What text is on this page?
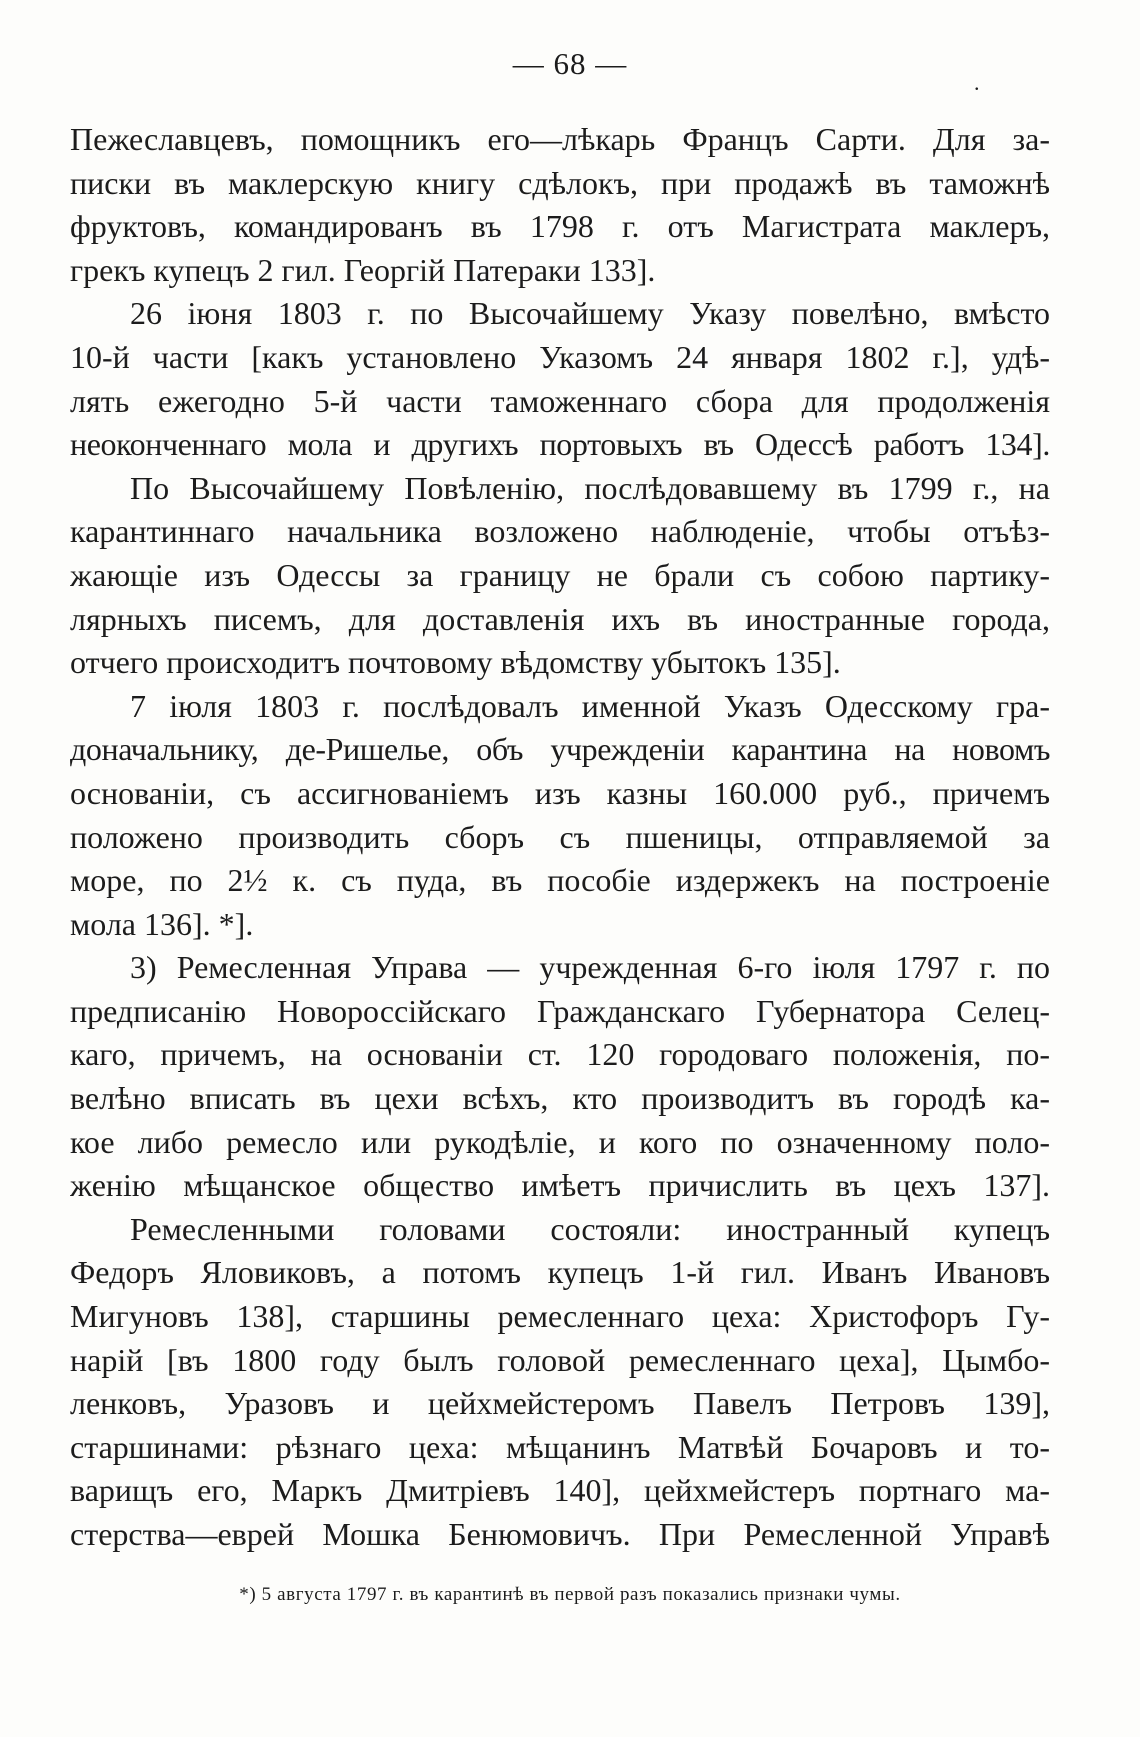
— 68 —
.
Пежеславцевъ, помощникъ его—лѣкарь Францъ Сарти. Для за-
писки въ маклерскую книгу сдѣлокъ, при продажѣ въ таможнѣ
фруктовъ, командированъ въ 1798 г. отъ Магистрата маклеръ,
грекъ купецъ 2 гил. Георгій Патераки 133].
26 іюня 1803 г. по Высочайшему Указу повелѣно, вмѣсто
10-й части [какъ установлено Указомъ 24 января 1802 г.], удѣ-
лять ежегодно 5-й части таможеннаго сбора для продолженія
неоконченнаго мола и другихъ портовыхъ въ Одессѣ работъ 134].
По Высочайшему Повѣленію, послѣдовавшему въ 1799 г., на
карантиннаго начальника возложено наблюденіе, чтобы отъѣз-
жающіе изъ Одессы за границу не брали съ собою партику-
лярныхъ писемъ, для доставленія ихъ въ иностранные города,
отчего происходитъ почтовому вѣдомству убытокъ 135].
7 іюля 1803 г. послѣдовалъ именной Указъ Одесскому гра-
доначальнику, де-Ришелье, объ учрежденіи карантина на новомъ
основаніи, съ ассигнованіемъ изъ казны 160.000 руб., причемъ
положено производить сборъ съ пшеницы, отправляемой за
море, по 2½ к. съ пуда, въ пособіе издержекъ на построеніе
мола 136]. *].
3) Ремесленная Управа — учрежденная 6-го іюля 1797 г. по
предписанію Новороссійскаго Гражданскаго Губернатора Селец-
каго, причемъ, на основаніи ст. 120 городоваго положенія, по-
велѣно вписать въ цехи всѣхъ, кто производитъ въ городѣ ка-
кое либо ремесло или рукодѣліе, и кого по означенному поло-
женію мѣщанское общество имѣетъ причислить въ цехъ 137].
Ремесленными головами состояли: иностранный купецъ
Федоръ Яловиковъ, а потомъ купецъ 1-й гил. Иванъ Ивановъ
Мигуновъ 138], старшины ремесленнаго цеха: Христофоръ Гу-
нарій [въ 1800 году былъ головой ремесленнаго цеха], Цымбо-
ленковъ, Уразовъ и цейхмейстеромъ Павелъ Петровъ 139],
старшинами: рѣзнаго цеха: мѣщанинъ Матвѣй Бочаровъ и то-
варищъ его, Маркъ Дмитріевъ 140], цейхмейстеръ портнаго ма-
стерства—еврей Мошка Бенюмовичъ. При Ремесленной Управѣ
*) 5 августа 1797 г. въ карантинѣ въ первой разъ показались признаки чумы.
